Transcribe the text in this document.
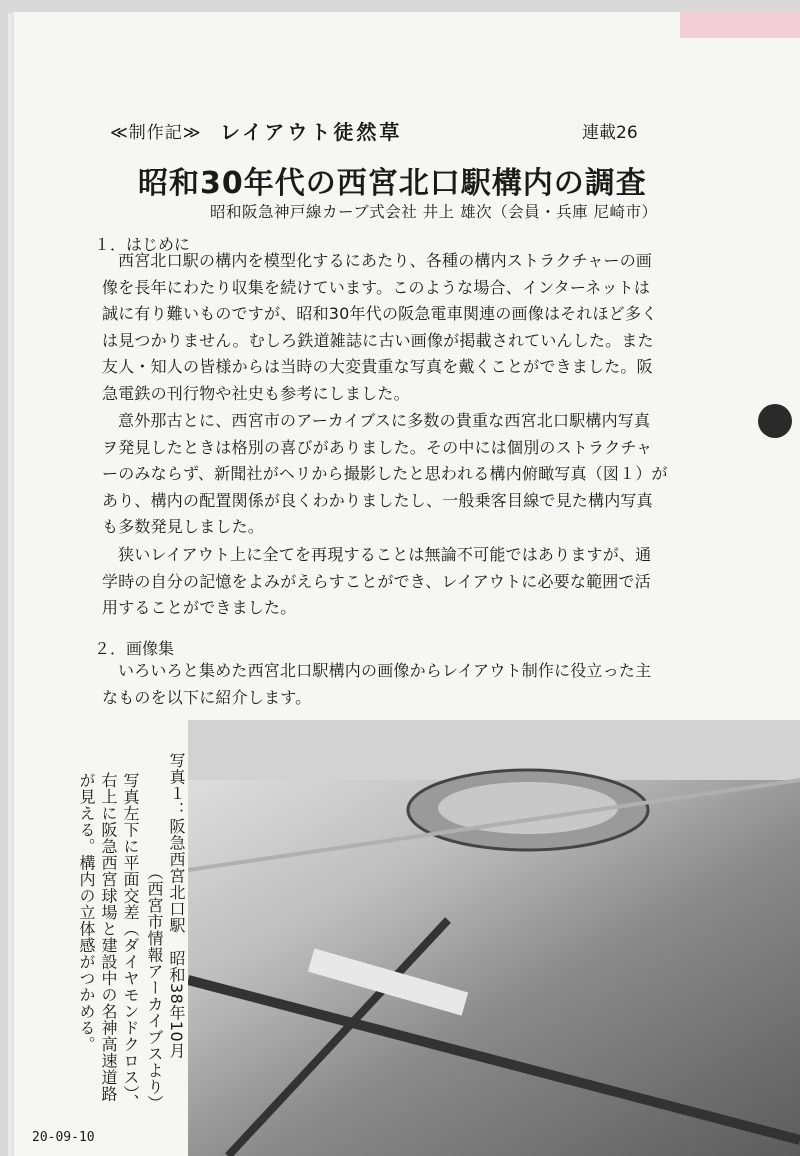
≪制作記≫ レイアウト徒然草	連載26
昭和30年代の西宮北口駅構内の調査
昭和阪急神戸線カーブ式会社 井上 雄次（会員・兵庫 尼崎市）
１．はじめに
西宮北口駅の構内を模型化するにあたり、各種の構内ストラクチャーの画
像を長年にわたり収集を続けています。このような場合、インターネットは
誠に有り難いものですが、昭和30年代の阪急電車関連の画像はそれほど多く
は見つかりません。むしろ鉄道雑誌に古い画像が掲載されていんした。また
友人・知人の皆様からは当時の大変貴重な写真を戴くことができました。阪
急電鉄の刊行物や社史も参考にしました。
意外那古とに、西宮市のアーカイブスに多数の貴重な西宮北口駅構内写真
ヲ発見したときは格別の喜びがありました。その中には個別のストラクチャ
ーのみならず、新聞社がヘリから撮影したと思われる構内俯瞰写真（図１）が
あり、構内の配置関係が良くわかりましたし、一般乗客目線で見た構内写真
も多数発見しました。
狭いレイアウト上に全てを再現することは無論不可能ではありますが、通
学時の自分の記憶をよみがえらすことができ、レイアウトに必要な範囲で活
用することができました。
２．画像集
いろいろと集めた西宮北口駅構内の画像からレイアウト制作に役立った主
なものを以下に紹介します。
写真１：阪急西宮北口駅　昭和38年10月
（西宮市情報アーカイブスより）
写真左下に平面交差（ダイヤモンドクロス）、
右上に阪急西宮球場と建設中の名神高速道路
が見える。構内の立体感がつかめる。
20-09-10
